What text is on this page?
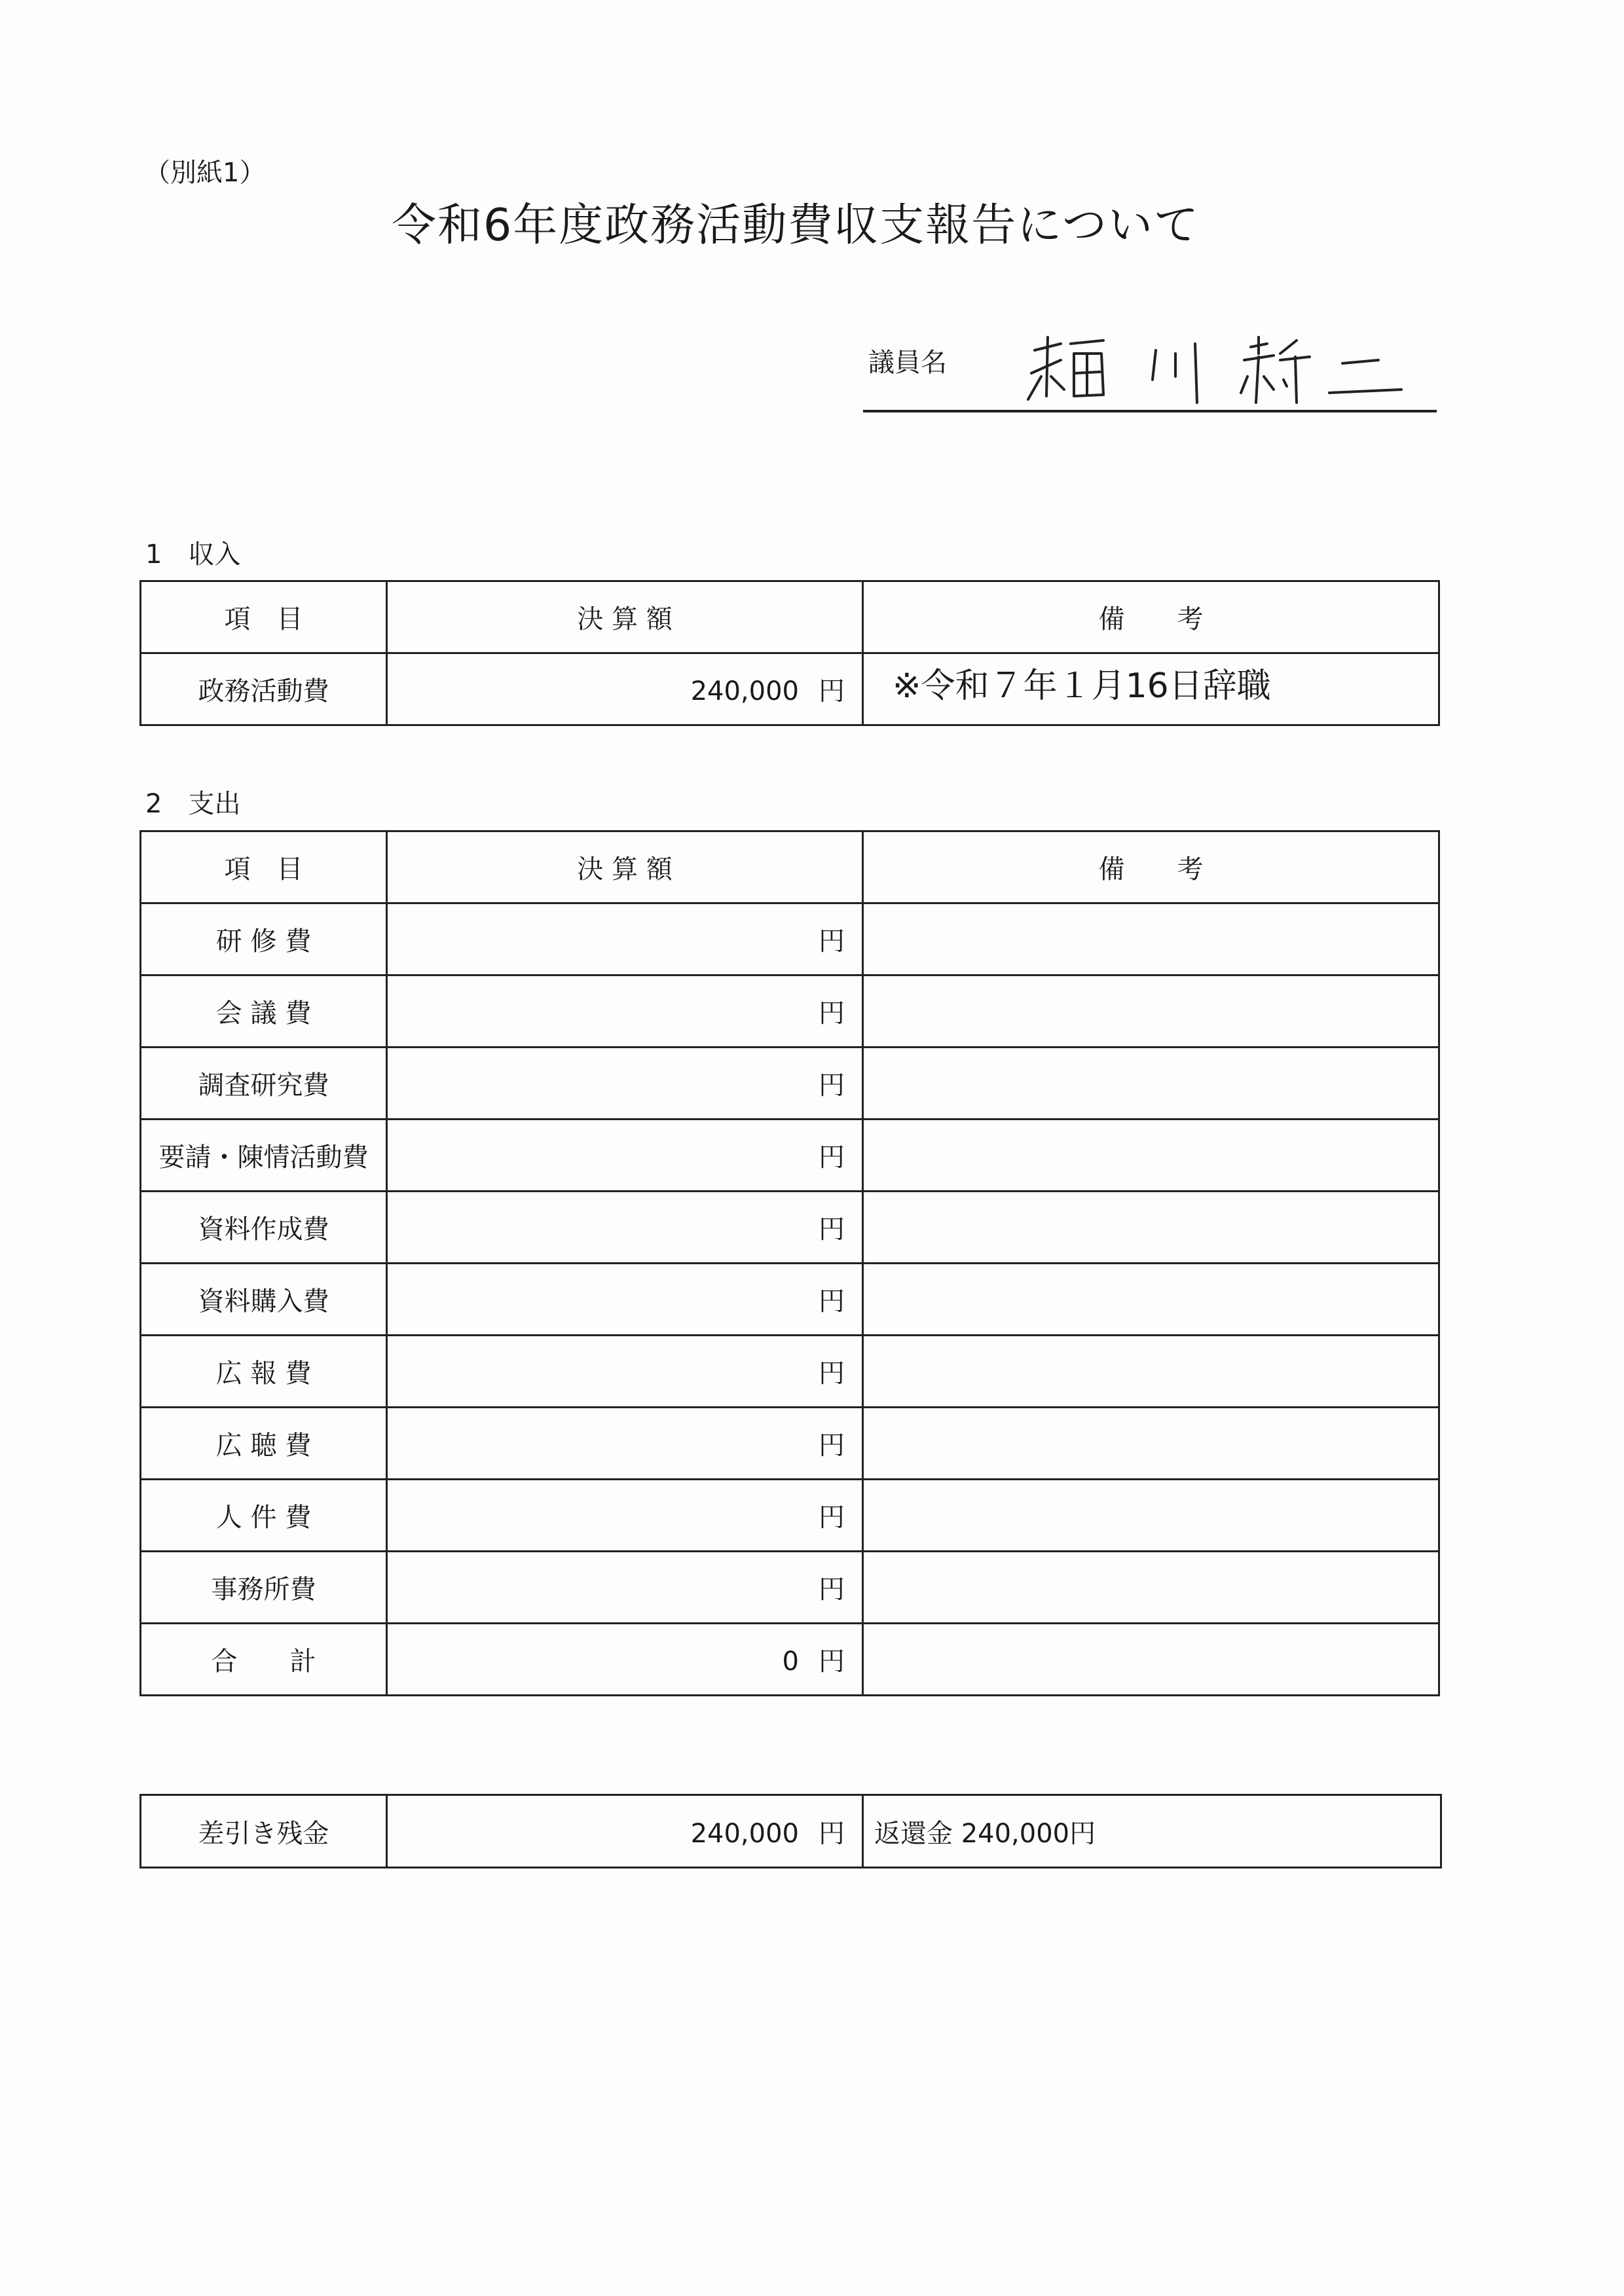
（別紙1）
令和6年度政務活動費収支報告について
議員名
1　収入
項　目	決 算 額	備　　考
政務活動費	240,000 円	※令和７年１月16日辞職
2　支出
項　目	決 算 額	備　　考
研 修 費	円	
会 議 費	円	
調査研究費	円	
要請・陳情活動費	円	
資料作成費	円	
資料購入費	円	
広 報 費	円	
広 聴 費	円	
人 件 費	円	
事務所費	円	
合　　計	0 円	
差引き残金	240,000 円	返還金 240,000円
